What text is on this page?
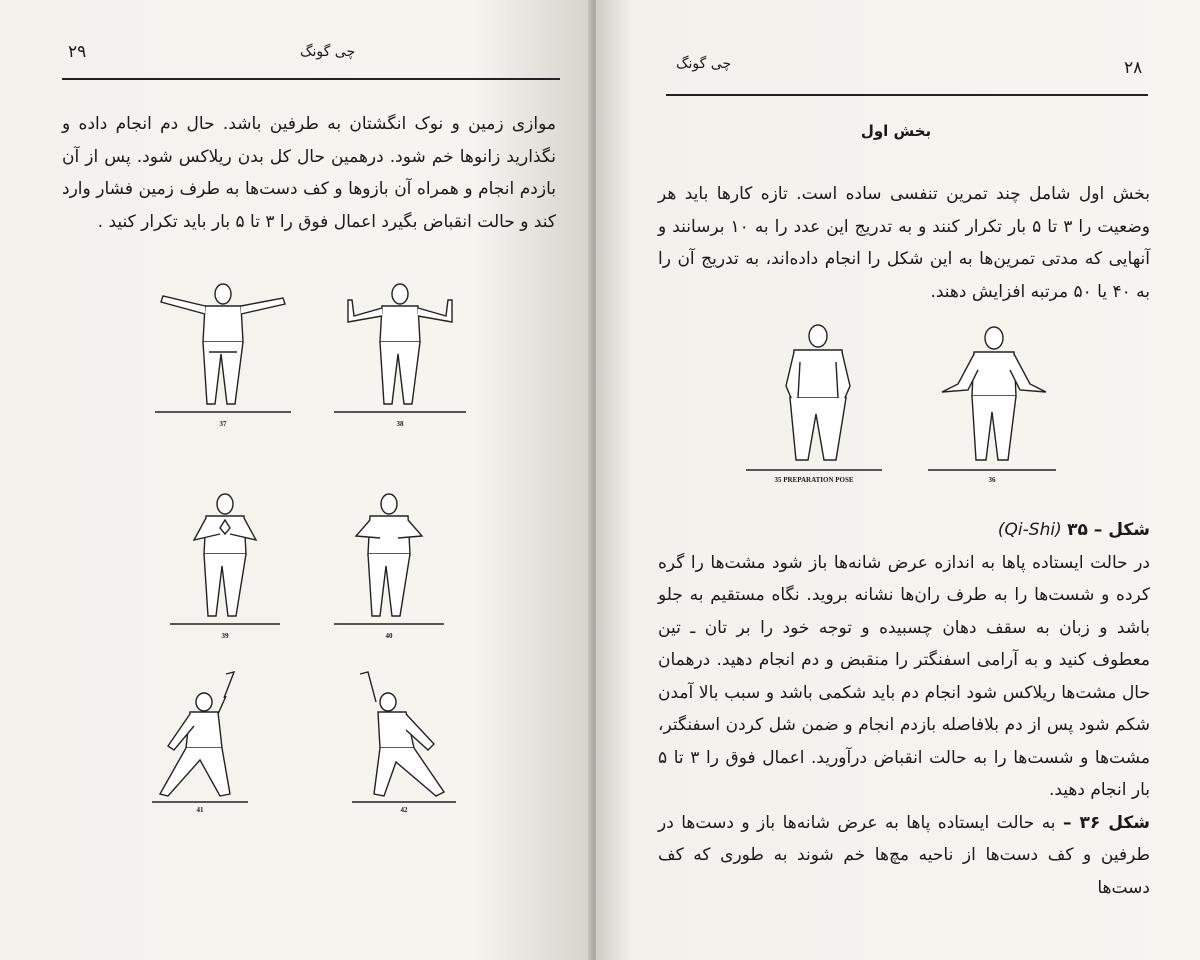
۲۹	چی گونگ

موازی زمین و نوک انگشتان به طرفین باشد. حال دم انجام داده و نگذارید زانوها خم شود. درهمین حال کل بدن ریلاکس شود. پس از آن بازدم انجام و همراه آن بازوها و کف دست‌ها به طرف زمین فشار وارد کند و حالت انقباض بگیرد اعمال فوق را ۳ تا ۵ بار باید تکرار کنید .

37	38
39	40
41	42
چی گونگ	۲۸
بخش اول

بخش اول شامل چند تمرین تنفسی ساده است. تازه کارها باید هر وضعیت را ۳ تا ۵ بار تکرار کنند و به تدریج این عدد را به ۱۰ برسانند و آنهایی که مدتی تمرین‌ها به این شکل را انجام داده‌اند، به تدریج آن را به ۴۰ یا ۵۰ مرتبه افزایش دهند.

35 PREPARATION POSE	36

شکل – ۳۵ (Qi-Shi)

در حالت ایستاده پاها به اندازه عرض شانه‌ها باز شود مشت‌ها را گره کرده و شست‌ها را به طرف ران‌ها نشانه بروید. نگاه مستقیم به جلو باشد و زبان به سقف دهان چسبیده و توجه خود را بر تان ـ تین معطوف کنید و به آرامی اسفنگتر را منقبض و دم انجام دهید. درهمان حال مشت‌ها ریلاکس شود انجام دم باید شکمی باشد و سبب بالا آمدن شکم شود پس از دم بلافاصله بازدم انجام و ضمن شل کردن اسفنگتر، مشت‌ها و شست‌ها را به حالت انقباض درآورید. اعمال فوق را ۳ تا ۵ بار انجام دهید.

شکل ۳۶ – به حالت ایستاده پاها به عرض شانه‌ها باز و دست‌ها در طرفین و کف دست‌ها از ناحیه مچ‌ها خم شوند به طوری که کف دست‌ها
